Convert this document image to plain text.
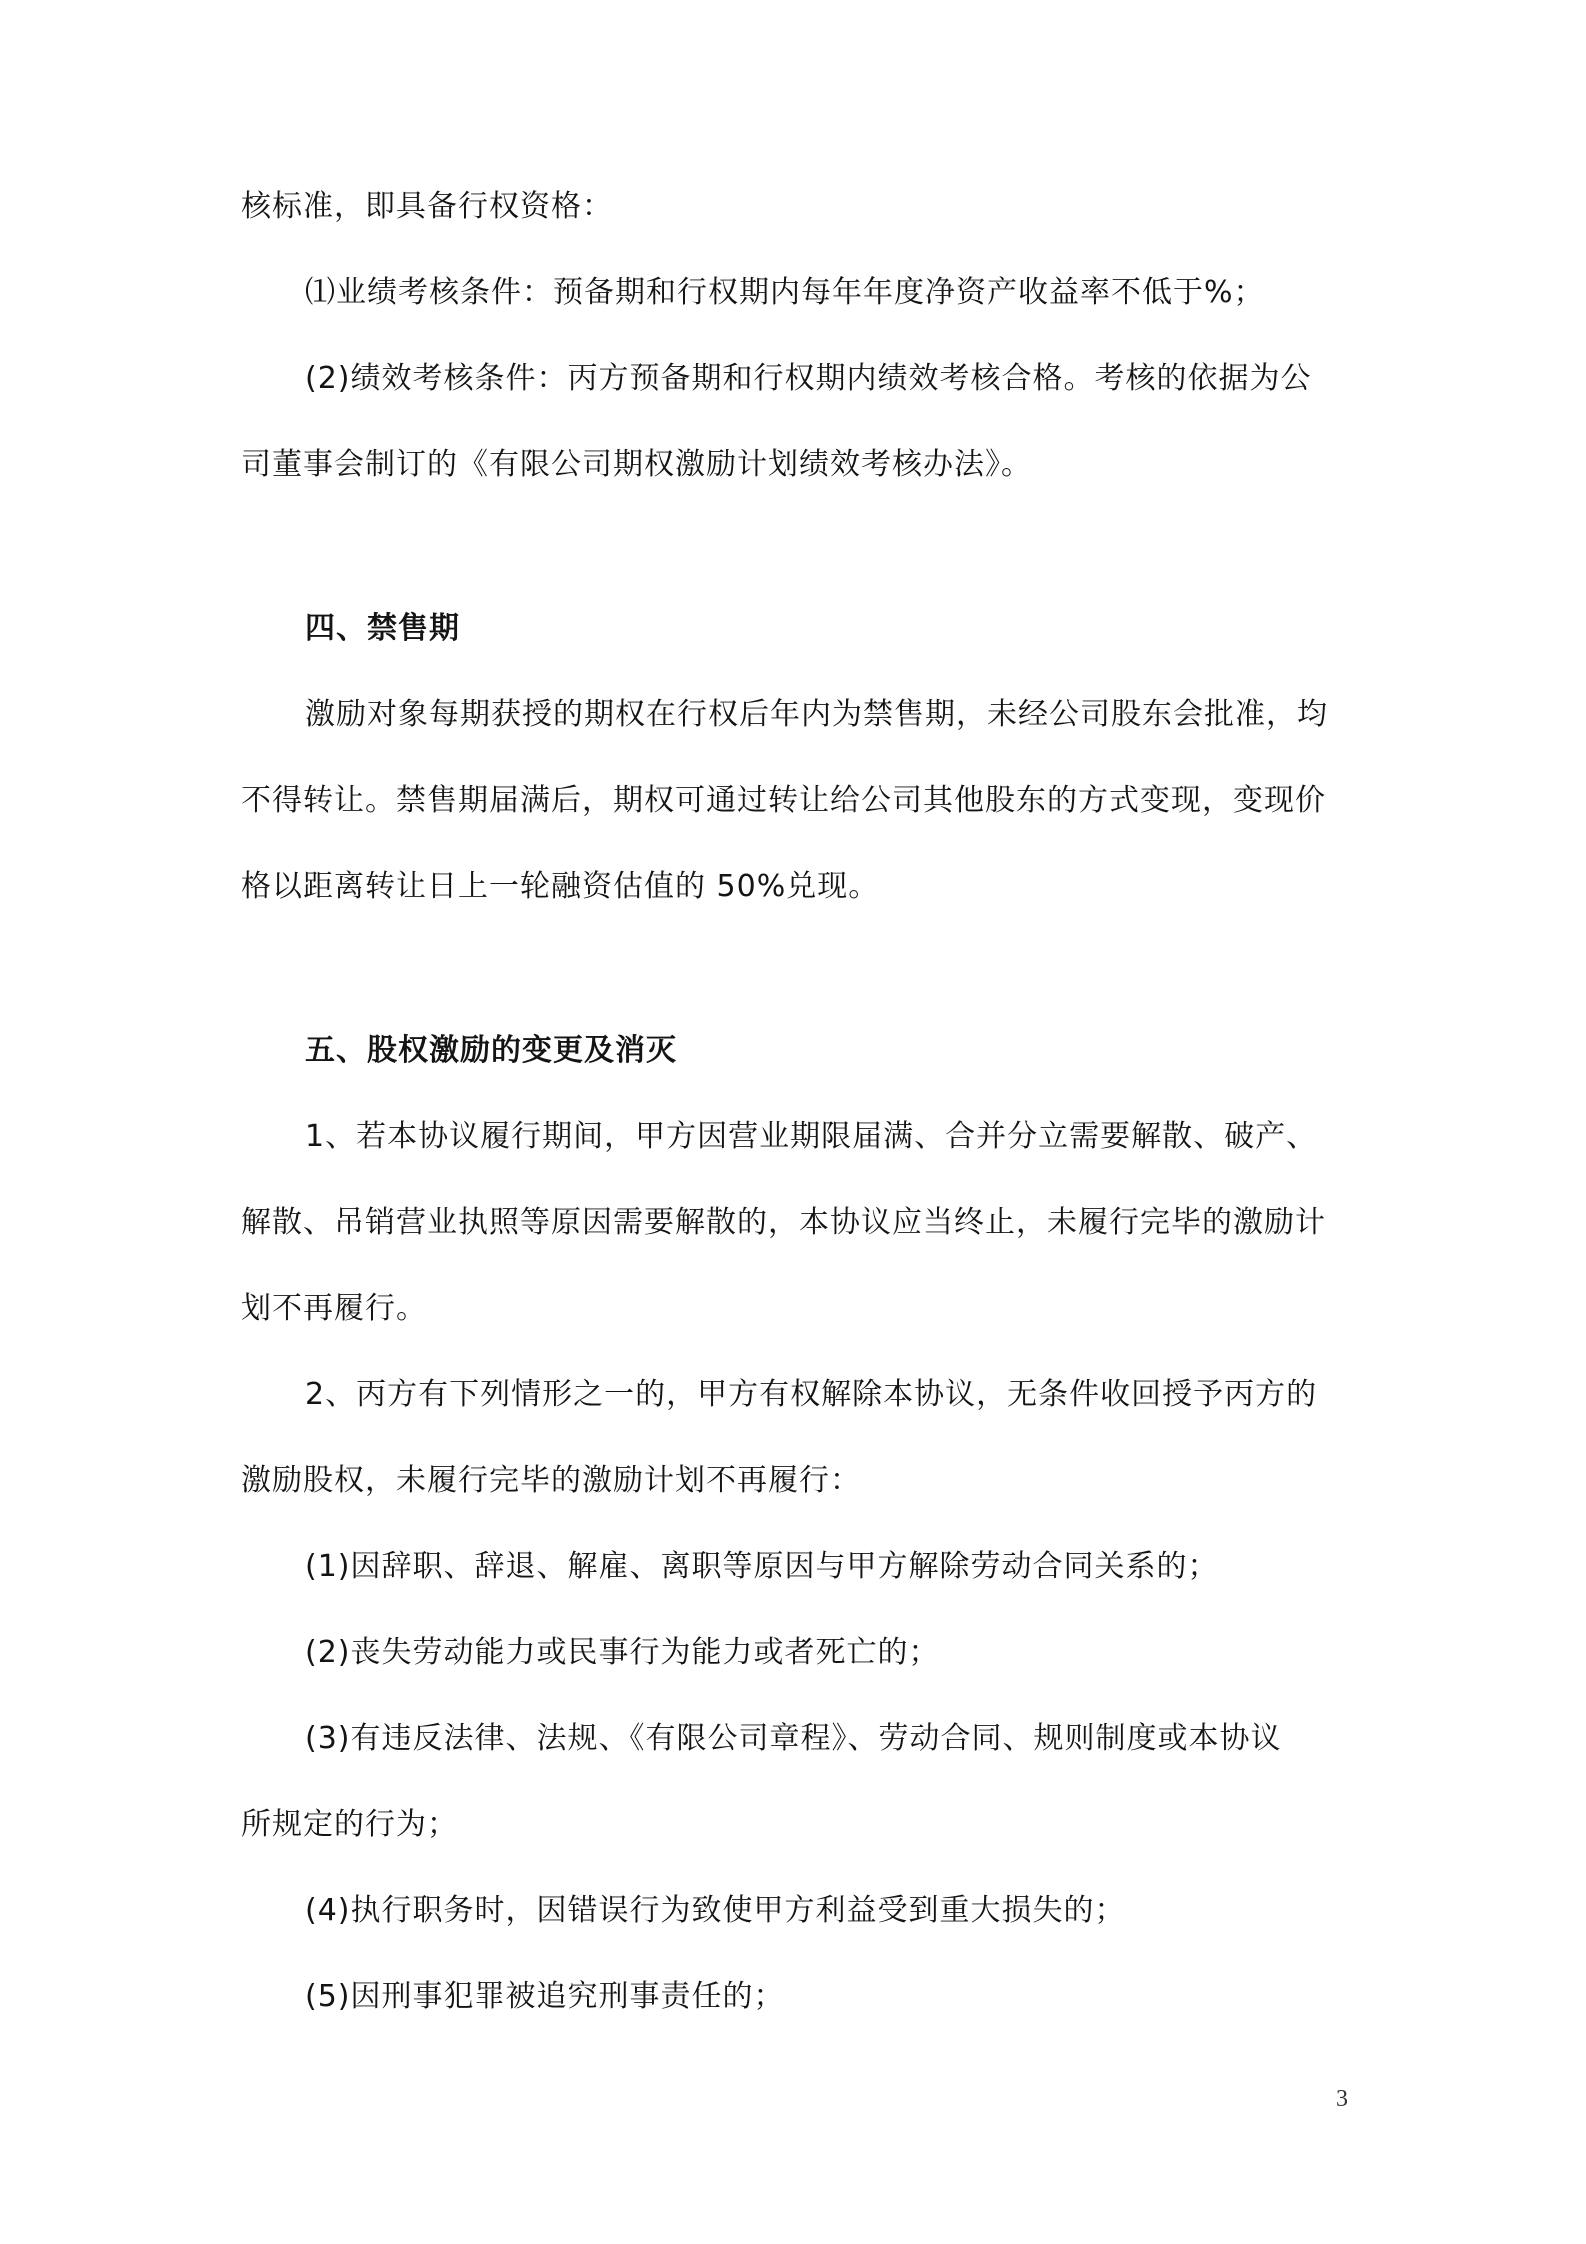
核标准，即具备行权资格：
⑴业绩考核条件：预备期和行权期内每年年度净资产收益率不低于%；
(2)绩效考核条件：丙方预备期和行权期内绩效考核合格。考核的依据为公
司董事会制订的《有限公司期权激励计划绩效考核办法》。
四、禁售期
激励对象每期获授的期权在行权后年内为禁售期，未经公司股东会批准，均
不得转让。禁售期届满后，期权可通过转让给公司其他股东的方式变现，变现价
格以距离转让日上一轮融资估值的 50%兑现。
五、股权激励的变更及消灭
1、若本协议履行期间，甲方因营业期限届满、合并分立需要解散、破产、
解散、吊销营业执照等原因需要解散的，本协议应当终止，未履行完毕的激励计
划不再履行。
2、丙方有下列情形之一的，甲方有权解除本协议，无条件收回授予丙方的
激励股权，未履行完毕的激励计划不再履行：
(1)因辞职、辞退、解雇、离职等原因与甲方解除劳动合同关系的；
(2)丧失劳动能力或民事行为能力或者死亡的；
(3)有违反法律、法规、《有限公司章程》、劳动合同、规则制度或本协议
所规定的行为；
(4)执行职务时，因错误行为致使甲方利益受到重大损失的；
(5)因刑事犯罪被追究刑事责任的；
3
